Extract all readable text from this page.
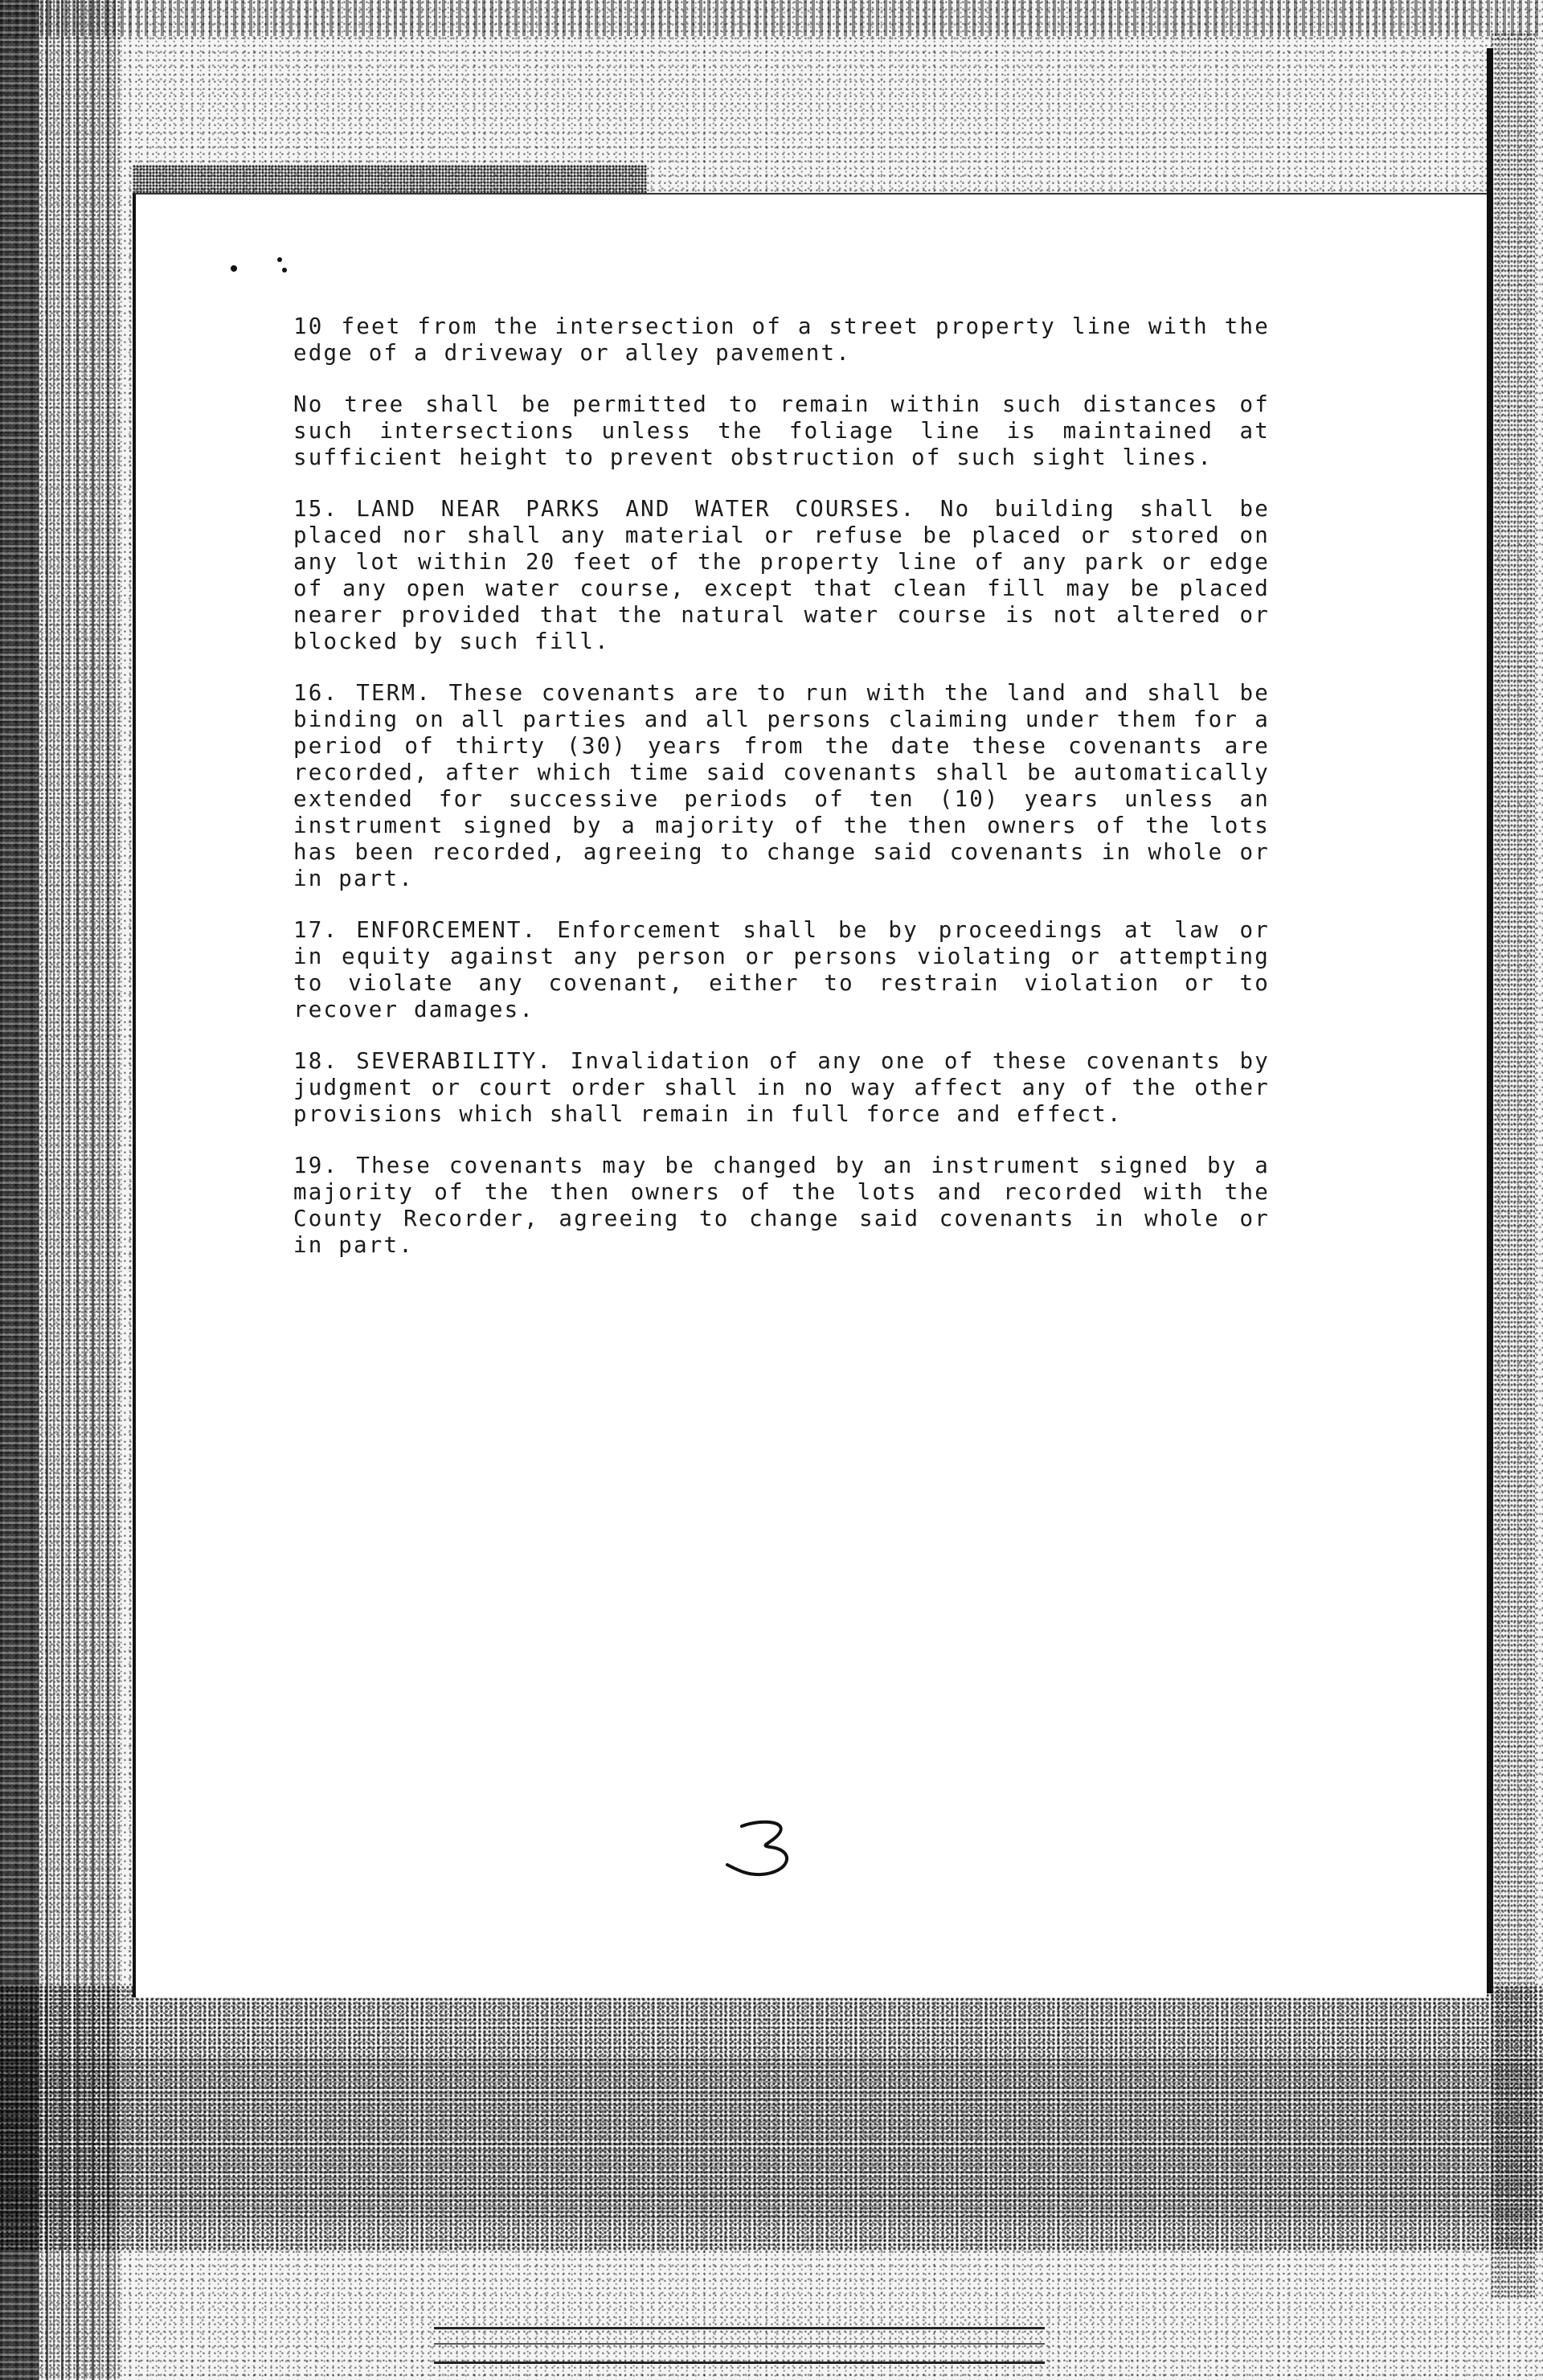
10 feet from the intersection of a street property line with the edge of a driveway or alley pavement.

No tree shall be permitted to remain within such distances of such intersections unless the foliage line is maintained at sufficient height to prevent obstruction of such sight lines.

15. LAND NEAR PARKS AND WATER COURSES. No building shall be placed nor shall any material or refuse be placed or stored on any lot within 20 feet of the property line of any park or edge of any open water course, except that clean fill may be placed nearer provided that the natural water course is not altered or blocked by such fill.

16. TERM. These covenants are to run with the land and shall be binding on all parties and all persons claiming under them for a period of thirty (30) years from the date these covenants are recorded, after which time said covenants shall be automatically extended for successive periods of ten (10) years unless an instrument signed by a majority of the then owners of the lots has been recorded, agreeing to change said covenants in whole or in part.

17. ENFORCEMENT. Enforcement shall be by proceedings at law or in equity against any person or persons violating or attempting to violate any covenant, either to restrain violation or to recover damages.

18. SEVERABILITY. Invalidation of any one of these covenants by judgment or court order shall in no way affect any of the other provisions which shall remain in full force and effect.

19. These covenants may be changed by an instrument signed by a majority of the then owners of the lots and recorded with the County Recorder, agreeing to change said covenants in whole or in part.
